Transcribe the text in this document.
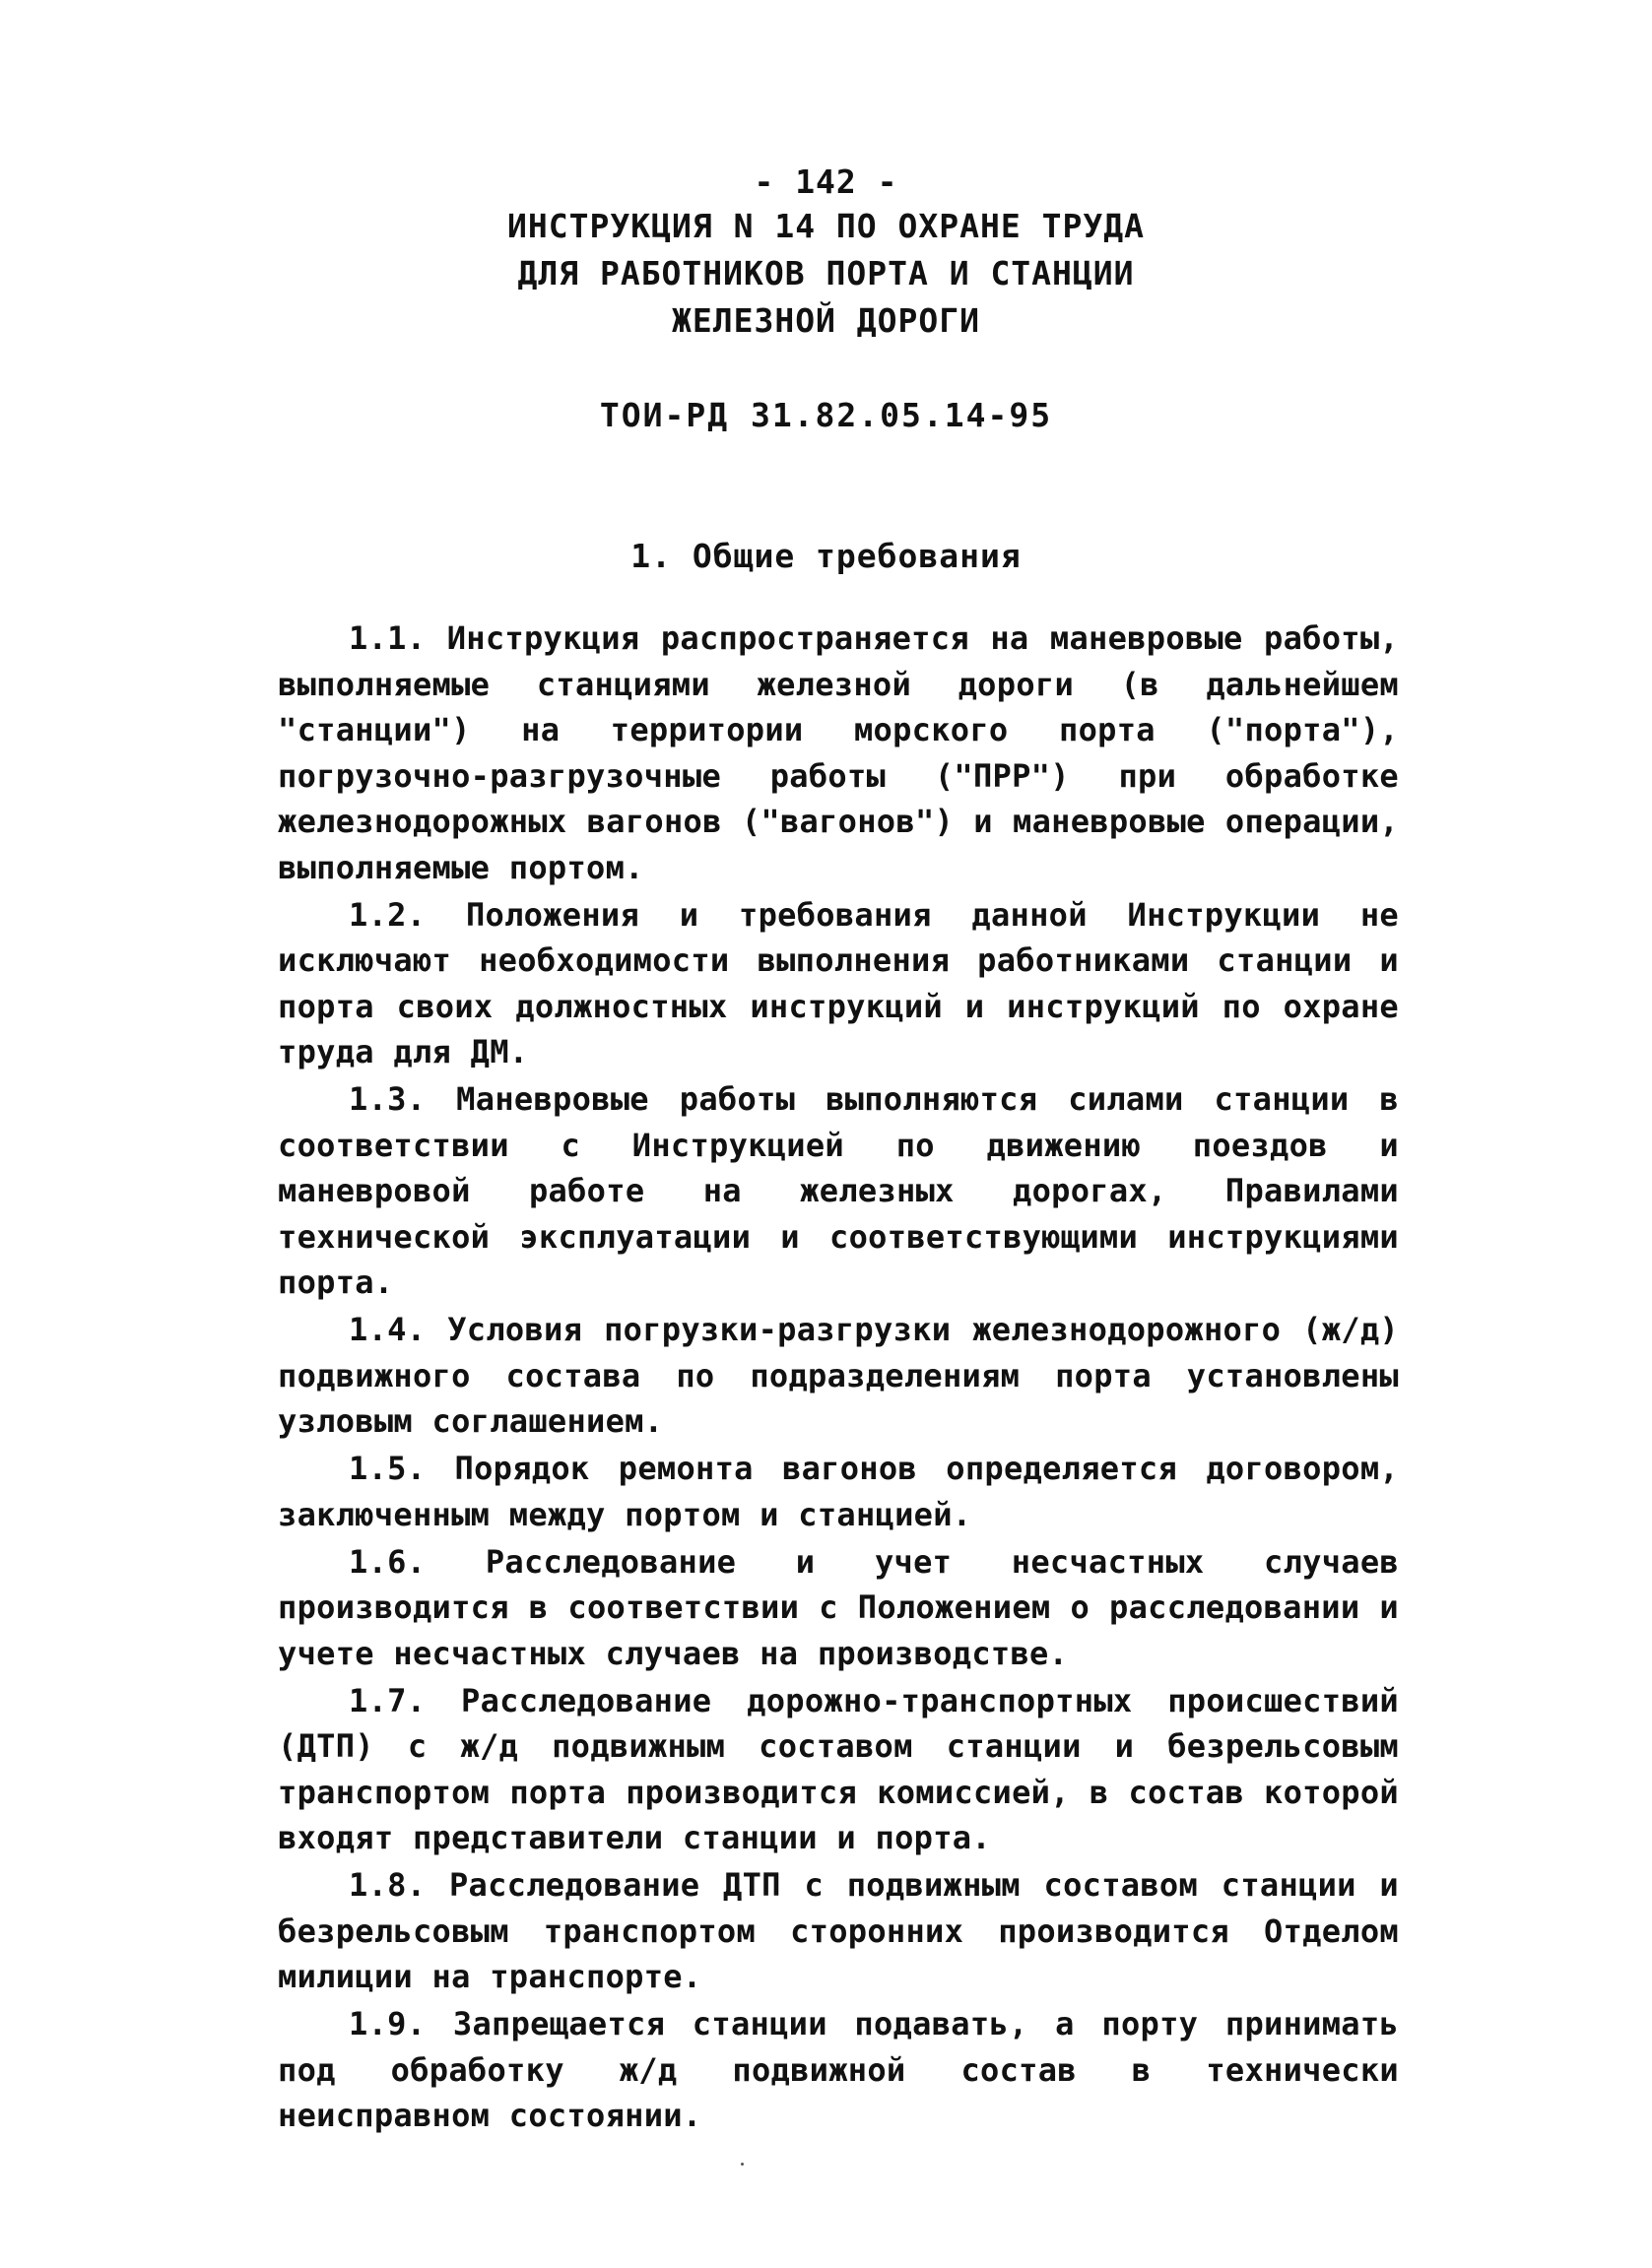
- 142 -
ИНСТРУКЦИЯ N 14 ПО ОХРАНЕ ТРУДА
ДЛЯ РАБОТНИКОВ ПОРТА И СТАНЦИИ
ЖЕЛЕЗНОЙ ДОРОГИ
ТОИ-РД 31.82.05.14-95
1. Общие требования

1.1. Инструкция распространяется на маневровые работы, выполняемые станциями железной дороги (в дальнейшем "станции") на территории морского порта ("порта"), погрузочно-разгрузочные работы ("ПРР") при обработке железнодорожных вагонов ("вагонов") и маневровые операции, выполняемые портом.

1.2. Положения и требования данной Инструкции не исключают необходимости выполнения работниками станции и порта своих должностных инструкций и инструкций по охране труда для ДМ.

1.3. Маневровые работы выполняются силами станции в соответствии с Инструкцией по движению поездов и маневровой работе на железных дорогах, Правилами технической эксплуатации и соответствующими инструкциями порта.

1.4. Условия погрузки-разгрузки железнодорожного (ж/д) подвижного состава по подразделениям порта установлены узловым соглашением.

1.5. Порядок ремонта вагонов определяется договором, заключенным между портом и станцией.

1.6. Расследование и учет несчастных случаев производится в соответствии с Положением о расследовании и учете несчастных случаев на производстве.

1.7. Расследование дорожно-транспортных происшествий (ДТП) с ж/д подвижным составом станции и безрельсовым транспортом порта производится комиссией, в состав которой входят представители станции и порта.

1.8. Расследование ДТП с подвижным составом станции и безрельсовым транспортом сторонних производится Отделом милиции на транспорте.

1.9. Запрещается станции подавать, а порту принимать под обработку ж/д подвижной состав в технически неисправном состоянии.
